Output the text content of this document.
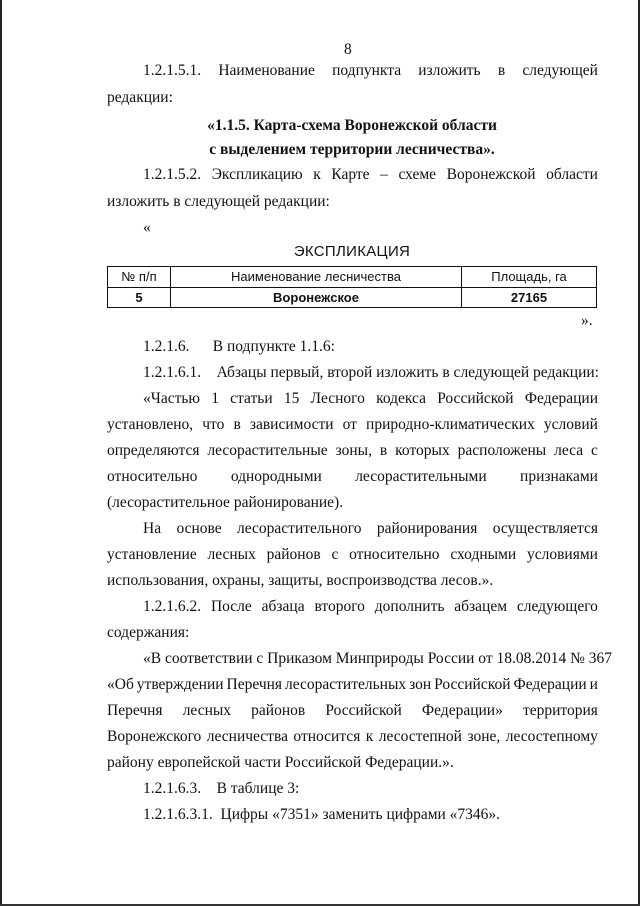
8
1.2.1.5.1. Наименование подпункта изложить в следующей
редакции:
«1.1.5. Карта-схема Воронежской области
с выделением территории лесничества».
1.2.1.5.2. Экспликацию к Карте – схеме Воронежской области
изложить в следующей редакции:
«
ЭКСПЛИКАЦИЯ
№ п/п	Наименование лесничества	Площадь, га
5	Воронежское	27165
».
1.2.1.6.      В подпункте 1.1.6:
1.2.1.6.1.    Абзацы первый, второй изложить в следующей редакции:
«Частью 1 статьи 15 Лесного кодекса Российской Федерации
установлено, что в зависимости от природно-климатических условий
определяются лесорастительные зоны, в которых расположены леса с
относительно однородными лесорастительными признаками
(лесорастительное районирование).
На основе лесорастительного районирования осуществляется
установление лесных районов с относительно сходными условиями
использования, охраны, защиты, воспроизводства лесов.».
1.2.1.6.2. После абзаца второго дополнить абзацем следующего
содержания:
«В соответствии с Приказом Минприроды России от 18.08.2014 № 367
«Об утверждении Перечня лесорастительных зон Российской Федерации и
Перечня лесных районов Российской Федерации» территория
Воронежского лесничества относится к лесостепной зоне, лесостепному
району европейской части Российской Федерации.».
1.2.1.6.3.    В таблице 3:
1.2.1.6.3.1.  Цифры «7351» заменить цифрами «7346».
